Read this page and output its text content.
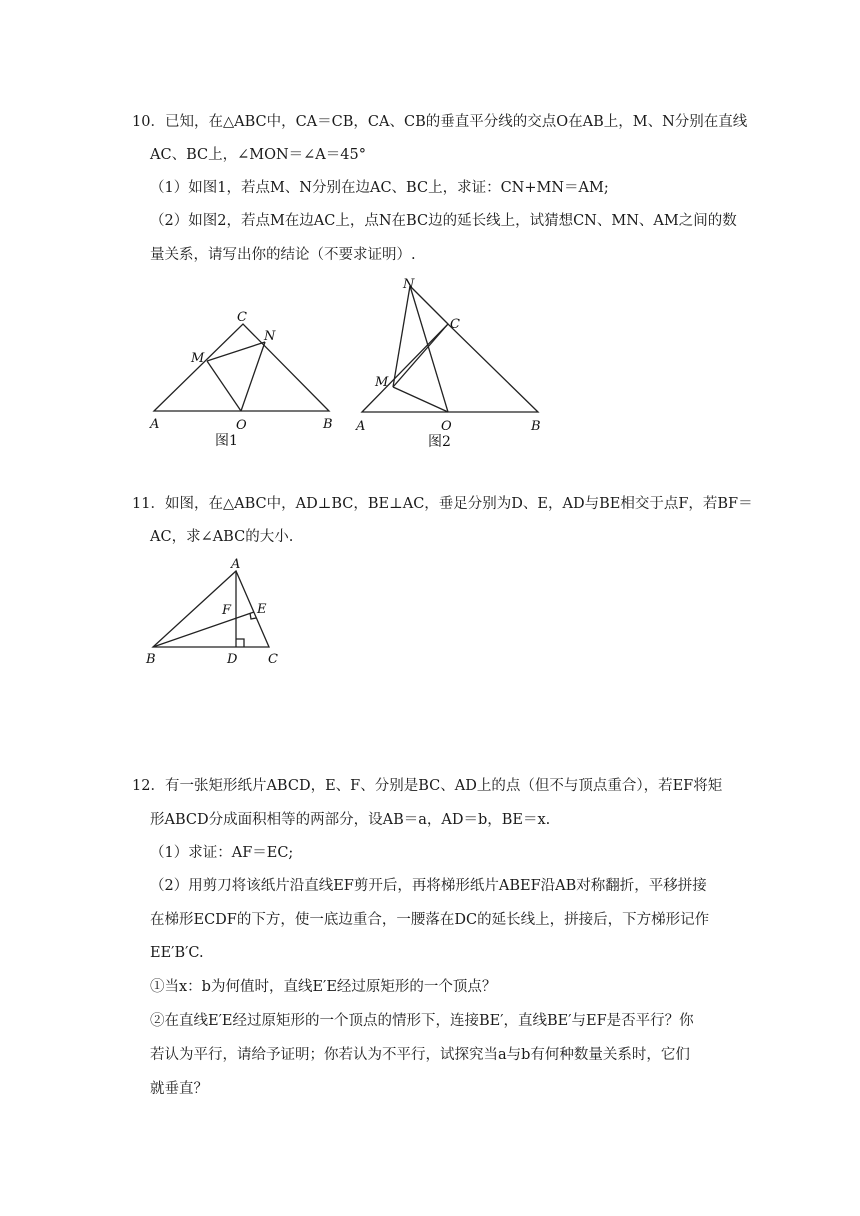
10．已知，在△ABC中，CA＝CB，CA、CB的垂直平分线的交点O在AB上，M、N分别在直线
AC、BC上，∠MON＝∠A＝45°
（1）如图1，若点M、N分别在边AC、BC上，求证：CN+MN＝AM;
（2）如图2，若点M在边AC上，点N在BC边的延长线上，试猜想CN、MN、AM之间的数
量关系，请写出你的结论（不要求证明）.
A	B
C
M
N
O
图1
A	B
C
M
N
O
图2
11．如图，在△ABC中，AD⊥BC，BE⊥AC，垂足分别为D、E，AD与BE相交于点F，若BF＝
AC，求∠ABC的大小.
A
B	C
D
E
F
12．有一张矩形纸片ABCD，E、F、分别是BC、AD上的点（但不与顶点重合），若EF将矩
形ABCD分成面积相等的两部分，设AB＝a，AD＝b，BE＝x.
（1）求证：AF＝EC;
（2）用剪刀将该纸片沿直线EF剪开后，再将梯形纸片ABEF沿AB对称翻折，平移拼接
在梯形ECDF的下方，使一底边重合，一腰落在DC的延长线上，拼接后，下方梯形记作
EE′B′C.
①当x：b为何值时，直线E′E经过原矩形的一个顶点？
②在直线E′E经过原矩形的一个顶点的情形下，连接BE′，直线BE′与EF是否平行？你
若认为平行，请给予证明；你若认为不平行，试探究当a与b有何种数量关系时，它们
就垂直？
